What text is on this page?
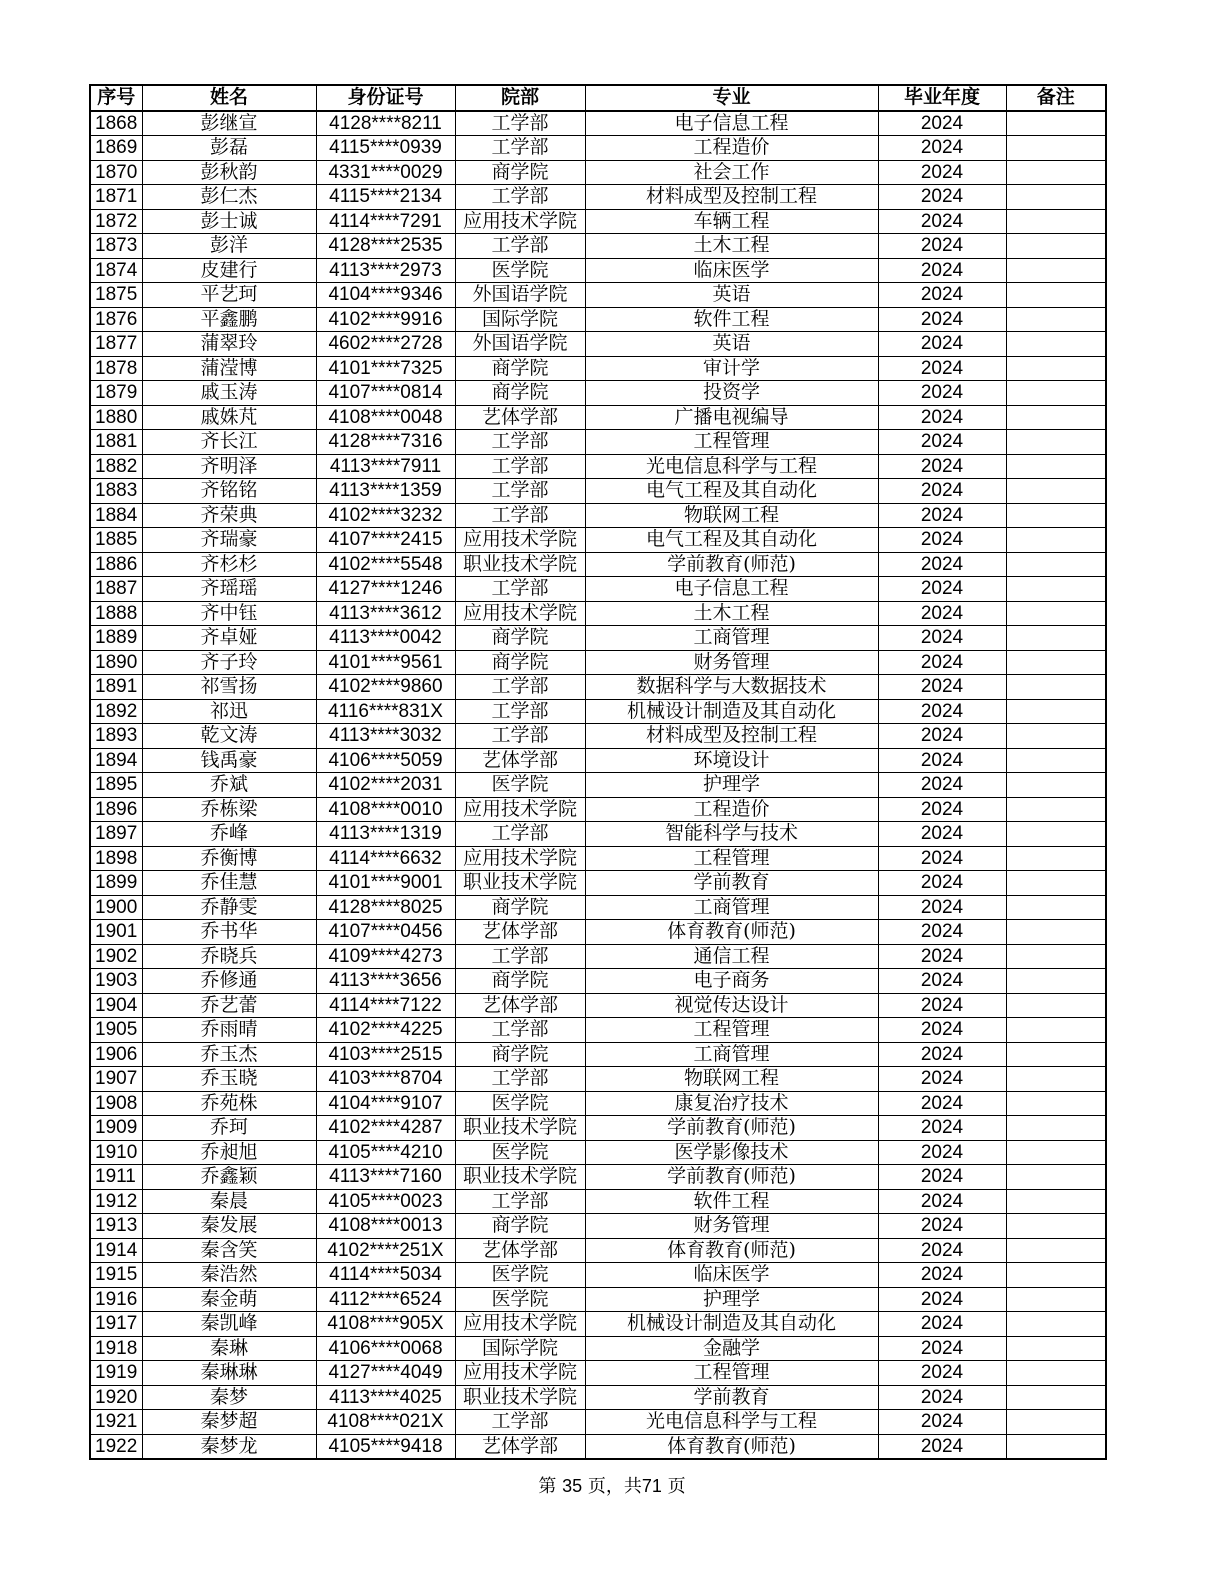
序号	姓名	身份证号	院部	专业	毕业年度	备注
1868	彭继宣	4128****8211	工学部	电子信息工程	2024	
1869	彭磊	4115****0939	工学部	工程造价	2024	
1870	彭秋韵	4331****0029	商学院	社会工作	2024	
1871	彭仁杰	4115****2134	工学部	材料成型及控制工程	2024	
1872	彭士诚	4114****7291	应用技术学院	车辆工程	2024	
1873	彭洋	4128****2535	工学部	土木工程	2024	
1874	皮建行	4113****2973	医学院	临床医学	2024	
1875	平艺珂	4104****9346	外国语学院	英语	2024	
1876	平鑫鹏	4102****9916	国际学院	软件工程	2024	
1877	蒲翠玲	4602****2728	外国语学院	英语	2024	
1878	蒲滢博	4101****7325	商学院	审计学	2024	
1879	戚玉涛	4107****0814	商学院	投资学	2024	
1880	戚姝芃	4108****0048	艺体学部	广播电视编导	2024	
1881	齐长江	4128****7316	工学部	工程管理	2024	
1882	齐明泽	4113****7911	工学部	光电信息科学与工程	2024	
1883	齐铭铭	4113****1359	工学部	电气工程及其自动化	2024	
1884	齐荣典	4102****3232	工学部	物联网工程	2024	
1885	齐瑞豪	4107****2415	应用技术学院	电气工程及其自动化	2024	
1886	齐杉杉	4102****5548	职业技术学院	学前教育(师范)	2024	
1887	齐瑶瑶	4127****1246	工学部	电子信息工程	2024	
1888	齐中钰	4113****3612	应用技术学院	土木工程	2024	
1889	齐卓娅	4113****0042	商学院	工商管理	2024	
1890	齐子玲	4101****9561	商学院	财务管理	2024	
1891	祁雪扬	4102****9860	工学部	数据科学与大数据技术	2024	
1892	祁迅	4116****831X	工学部	机械设计制造及其自动化	2024	
1893	乾文涛	4113****3032	工学部	材料成型及控制工程	2024	
1894	钱禹豪	4106****5059	艺体学部	环境设计	2024	
1895	乔斌	4102****2031	医学院	护理学	2024	
1896	乔栋梁	4108****0010	应用技术学院	工程造价	2024	
1897	乔峰	4113****1319	工学部	智能科学与技术	2024	
1898	乔衡博	4114****6632	应用技术学院	工程管理	2024	
1899	乔佳慧	4101****9001	职业技术学院	学前教育	2024	
1900	乔静雯	4128****8025	商学院	工商管理	2024	
1901	乔书华	4107****0456	艺体学部	体育教育(师范)	2024	
1902	乔晓兵	4109****4273	工学部	通信工程	2024	
1903	乔修通	4113****3656	商学院	电子商务	2024	
1904	乔艺蕾	4114****7122	艺体学部	视觉传达设计	2024	
1905	乔雨晴	4102****4225	工学部	工程管理	2024	
1906	乔玉杰	4103****2515	商学院	工商管理	2024	
1907	乔玉晓	4103****8704	工学部	物联网工程	2024	
1908	乔苑株	4104****9107	医学院	康复治疗技术	2024	
1909	乔珂	4102****4287	职业技术学院	学前教育(师范)	2024	
1910	乔昶旭	4105****4210	医学院	医学影像技术	2024	
1911	乔鑫颖	4113****7160	职业技术学院	学前教育(师范)	2024	
1912	秦晨	4105****0023	工学部	软件工程	2024	
1913	秦发展	4108****0013	商学院	财务管理	2024	
1914	秦含笑	4102****251X	艺体学部	体育教育(师范)	2024	
1915	秦浩然	4114****5034	医学院	临床医学	2024	
1916	秦金萌	4112****6524	医学院	护理学	2024	
1917	秦凯峰	4108****905X	应用技术学院	机械设计制造及其自动化	2024	
1918	秦琳	4106****0068	国际学院	金融学	2024	
1919	秦琳琳	4127****4049	应用技术学院	工程管理	2024	
1920	秦梦	4113****4025	职业技术学院	学前教育	2024	
1921	秦梦超	4108****021X	工学部	光电信息科学与工程	2024	
1922	秦梦龙	4105****9418	艺体学部	体育教育(师范)	2024	
第 35 页，共71 页
